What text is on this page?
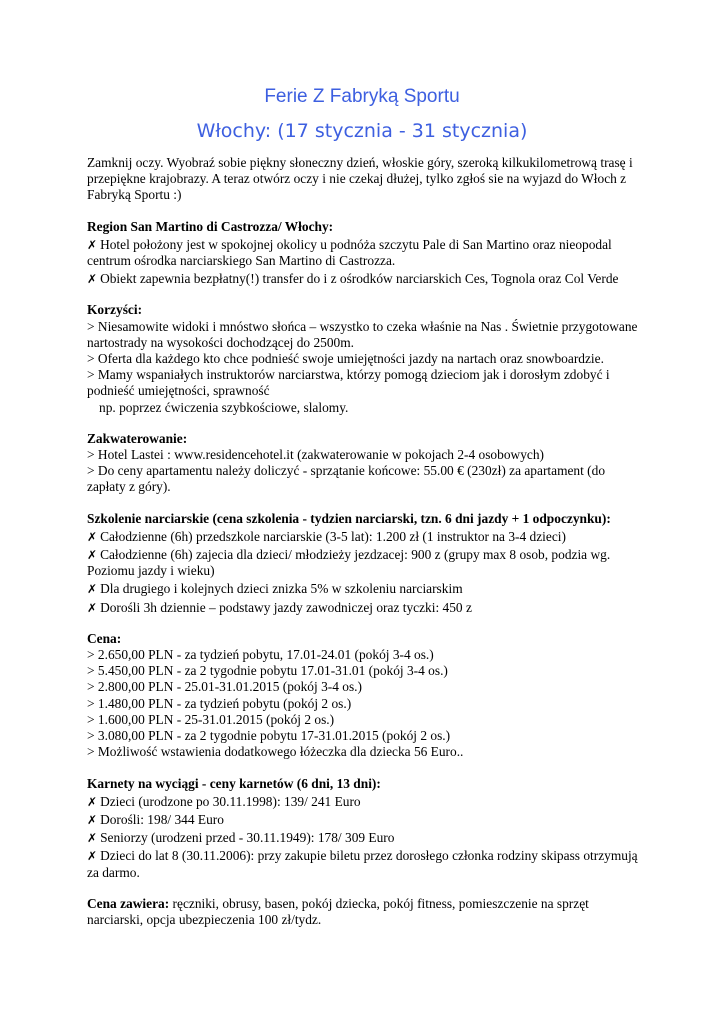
Ferie Z Fabryką Sportu
Włochy: (17 stycznia - 31 stycznia)

Zamknij oczy. Wyobraź sobie piękny słoneczny dzień, włoskie góry, szeroką kilkukilometrową trasę i przepiękne krajobrazy. A teraz otwórz oczy i nie czekaj dłużej, tylko zgłoś sie na wyjazd do Włoch z Fabryką Sportu :)

Region San Martino di Castrozza/ Włochy:

✗ Hotel położony jest w spokojnej okolicy u podnóża szczytu Pale di San Martino oraz nieopodal centrum ośrodka narciarskiego San Martino di Castrozza.

✗ Obiekt zapewnia bezpłatny(!) transfer do i z ośrodków narciarskich Ces, Tognola oraz Col Verde

Korzyści:

> Niesamowite widoki i mnóstwo słońca – wszystko to czeka właśnie na Nas . Świetnie przygotowane nartostrady na wysokości dochodzącej do 2500m.

> Oferta dla każdego kto chce podnieść swoje umiejętności jazdy na nartach oraz snowboardzie.

> Mamy wspaniałych instruktorów narciarstwa, którzy pomogą dzieciom jak i dorosłym zdobyć i podnieść umiejętności, sprawność

np. poprzez ćwiczenia szybkościowe, slalomy.

Zakwaterowanie:

> Hotel Lastei : www.residencehotel.it (zakwaterowanie w pokojach 2-4 osobowych)

> Do ceny apartamentu należy doliczyć - sprzątanie końcowe: 55.00 € (230zł) za apartament (do zapłaty z góry).

Szkolenie narciarskie (cena szkolenia - tydzien narciarski, tzn. 6 dni jazdy + 1 odpoczynku):

✗ Całodzienne (6h) przedszkole narciarskie (3-5 lat): 1.200 zł (1 instruktor na 3-4 dzieci)

✗ Całodzienne (6h) zajecia dla dzieci/ młodzieży jezdzacej: 900 z (grupy max 8 osob, podzia wg. Poziomu jazdy i wieku)

✗ Dla drugiego i kolejnych dzieci znizka 5% w szkoleniu narciarskim

✗ Dorośli 3h dziennie – podstawy jazdy zawodniczej oraz tyczki: 450 z

Cena:

> 2.650,00 PLN - za tydzień pobytu, 17.01-24.01 (pokój 3-4 os.)

> 5.450,00 PLN - za 2 tygodnie pobytu 17.01-31.01 (pokój 3-4 os.)

> 2.800,00 PLN - 25.01-31.01.2015 (pokój 3-4 os.)

> 1.480,00 PLN - za tydzień pobytu (pokój 2 os.)

> 1.600,00 PLN - 25-31.01.2015 (pokój 2 os.)

> 3.080,00 PLN - za 2 tygodnie pobytu 17-31.01.2015 (pokój 2 os.)

> Możliwość wstawienia dodatkowego łóżeczka dla dziecka 56 Euro..

Karnety na wyciągi - ceny karnetów (6 dni, 13 dni):

✗ Dzieci (urodzone po 30.11.1998): 139/ 241 Euro

✗ Dorośli: 198/ 344 Euro

✗ Seniorzy (urodzeni przed - 30.11.1949): 178/ 309 Euro

✗ Dzieci do lat 8 (30.11.2006): przy zakupie biletu przez dorosłego członka rodziny skipass otrzymują za darmo.

Cena zawiera: ręczniki, obrusy, basen, pokój dziecka, pokój fitness, pomieszczenie na sprzęt narciarski, opcja ubezpieczenia 100 zł/tydz.
